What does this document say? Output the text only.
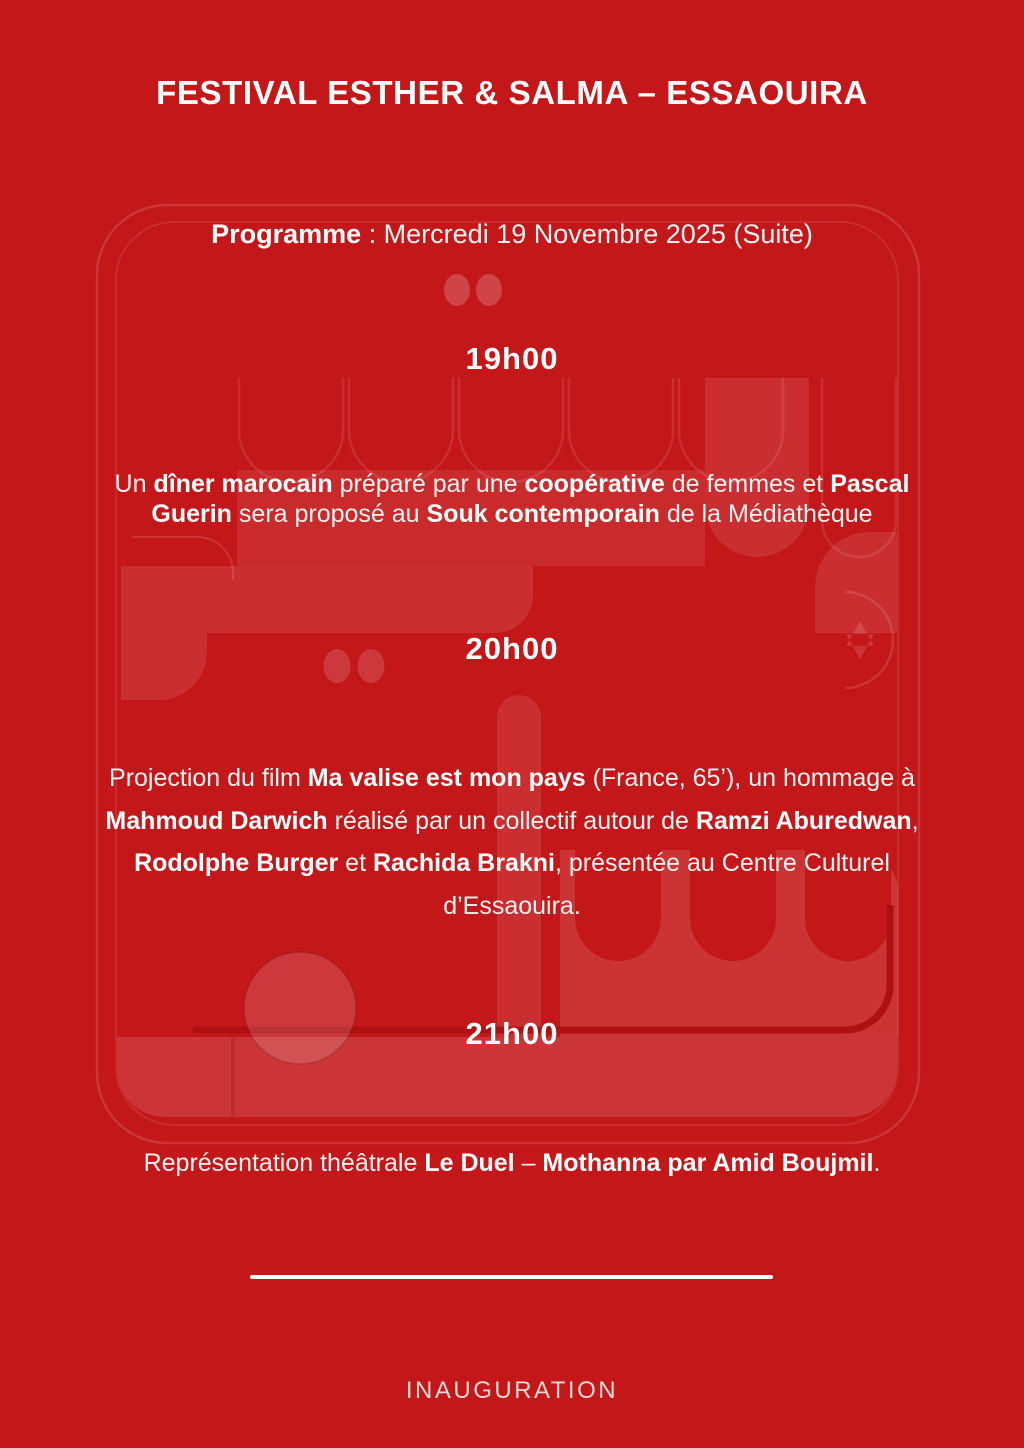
FESTIVAL ESTHER & SALMA – ESSAOUIRA
Programme : Mercredi 19 Novembre 2025 (Suite)
19h00
Un dîner marocain préparé par une coopérative de femmes et Pascal
Guerin sera proposé au Souk contemporain de la Médiathèque
20h00
Projection du film Ma valise est mon pays (France, 65’), un hommage à
Mahmoud Darwich réalisé par un collectif autour de Ramzi Aburedwan,
Rodolphe Burger et Rachida Brakni, présentée au Centre Culturel
d’Essaouira.
21h00
Représentation théâtrale Le Duel – Mothanna par Amid Boujmil.
INAUGURATION
